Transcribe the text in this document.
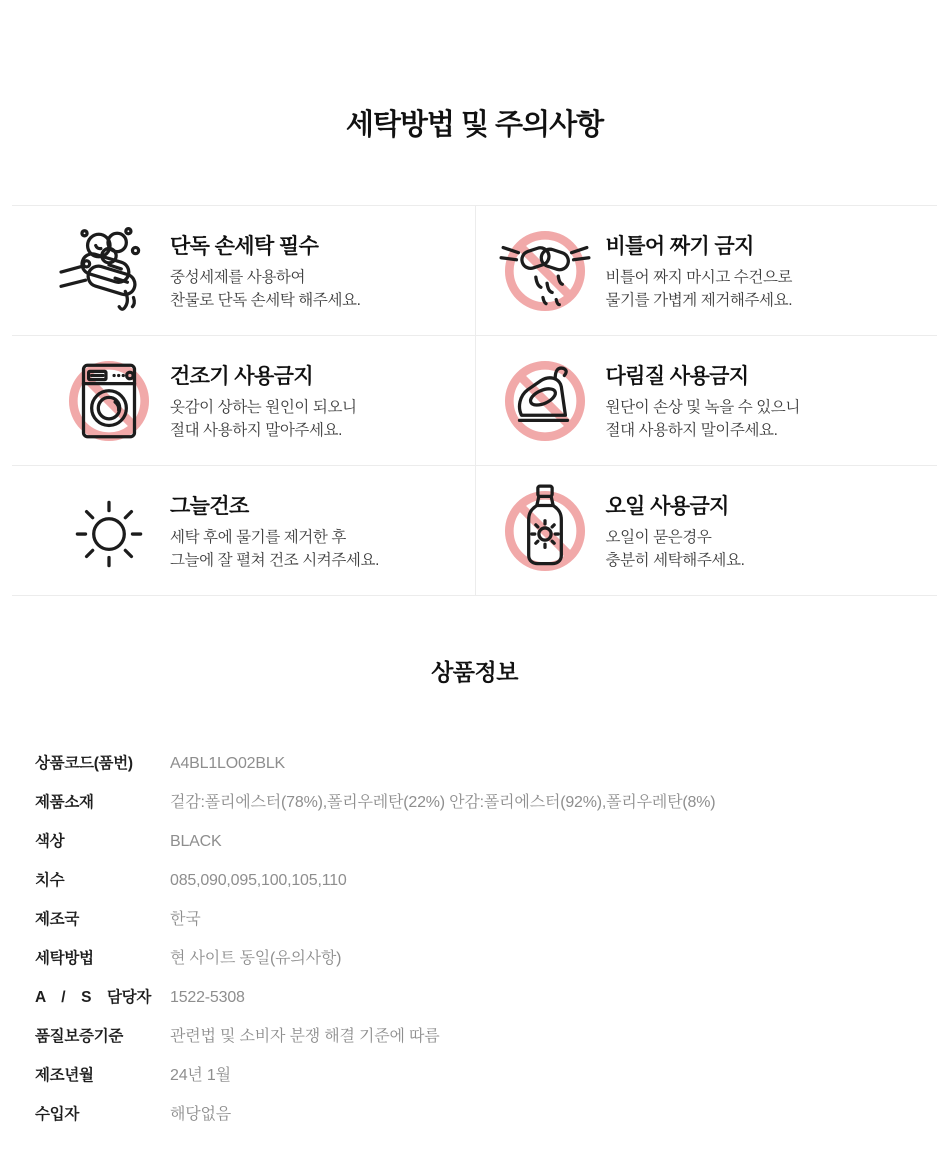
세탁방법 및 주의사항
단독 손세탁 필수
중성세제를 사용하여
찬물로 단독 손세탁 해주세요.
비틀어 짜기 금지
비틀어 짜지 마시고 수건으로
물기를 가볍게 제거해주세요.
건조기 사용금지
옷감이 상하는 원인이 되오니
절대 사용하지 말아주세요.
다림질 사용금지
원단이 손상 및 녹을 수 있으니
절대 사용하지 말이주세요.
그늘건조
세탁 후에 물기를 제거한 후
그늘에 잘 펼쳐 건조 시켜주세요.
오일 사용금지
오일이 묻은경우
충분히 세탁해주세요.
상품정보
상품코드(품번)	A4BL1LO02BLK
제품소재	겉감:폴리에스터(78%),폴리우레탄(22%) 안감:폴리에스터(92%),폴리우레탄(8%)
색상	BLACK
치수	085,090,095,100,105,110
제조국	한국
세탁방법	현 사이트 동일(유의사항)
A / S 담당자 1522-5308
품질보증기준	관련법 및 소비자 분쟁 해결 기준에 따름
제조년월	24년 1월
수입자	해당없음
